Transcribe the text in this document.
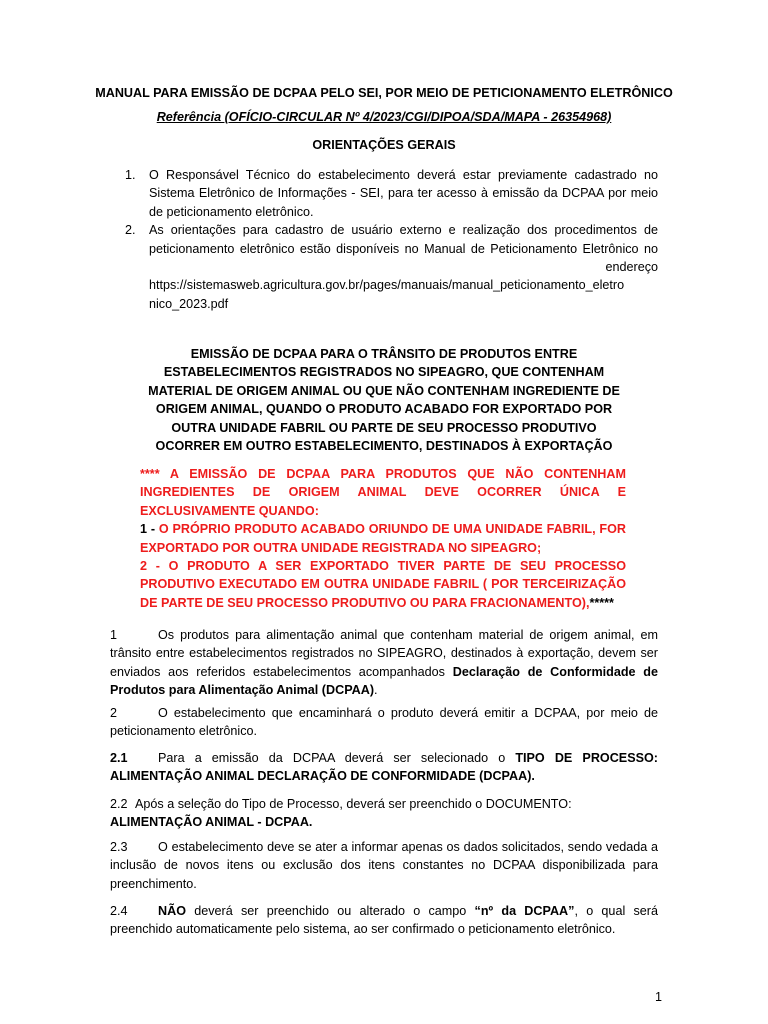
MANUAL PARA EMISSÃO DE DCPAA PELO SEI, POR MEIO DE PETICIONAMENTO ELETRÔNICO
Referência (OFÍCIO-CIRCULAR Nº 4/2023/CGI/DIPOA/SDA/MAPA - 26354968)
ORIENTAÇÕES GERAIS
1. O Responsável Técnico do estabelecimento deverá estar previamente cadastrado no Sistema Eletrônico de Informações - SEI, para ter acesso à emissão da DCPAA por meio de peticionamento eletrônico.
2. As orientações para cadastro de usuário externo e realização dos procedimentos de peticionamento eletrônico estão disponíveis no Manual de Peticionamento Eletrônico no
endereço
https://sistemasweb.agricultura.gov.br/pages/manuais/manual_peticionamento_eletro
nico_2023.pdf
EMISSÃO DE DCPAA PARA O TRÂNSITO DE PRODUTOS ENTRE ESTABELECIMENTOS REGISTRADOS NO SIPEAGRO, QUE CONTENHAM MATERIAL DE ORIGEM ANIMAL OU QUE NÃO CONTENHAM INGREDIENTE DE ORIGEM ANIMAL, QUANDO O PRODUTO ACABADO FOR EXPORTADO POR OUTRA UNIDADE FABRIL OU PARTE DE SEU PROCESSO PRODUTIVO OCORRER EM OUTRO ESTABELECIMENTO, DESTINADOS À EXPORTAÇÃO
**** A EMISSÃO DE DCPAA PARA PRODUTOS QUE NÃO CONTENHAM INGREDIENTES DE ORIGEM ANIMAL DEVE OCORRER ÚNICA E EXCLUSIVAMENTE QUANDO:
1 - O PRÓPRIO PRODUTO ACABADO ORIUNDO DE UMA UNIDADE FABRIL, FOR EXPORTADO POR OUTRA UNIDADE REGISTRADA NO SIPEAGRO;
2 - O PRODUTO A SER EXPORTADO TIVER PARTE DE SEU PROCESSO PRODUTIVO EXECUTADO EM OUTRA UNIDADE FABRIL ( POR TERCEIRIZAÇÃO DE PARTE DE SEU PROCESSO PRODUTIVO OU PARA FRACIONAMENTO),*****
1	Os produtos para alimentação animal que contenham material de origem animal, em trânsito entre estabelecimentos registrados no SIPEAGRO, destinados à exportação, devem ser enviados aos referidos estabelecimentos acompanhados Declaração de Conformidade de Produtos para Alimentação Animal (DCPAA).
2	O estabelecimento que encaminhará o produto deverá emitir a DCPAA, por meio de peticionamento eletrônico.
2.1 Para a emissão da DCPAA deverá ser selecionado o TIPO DE PROCESSO: ALIMENTAÇÃO ANIMAL DECLARAÇÃO DE CONFORMIDADE (DCPAA).
2.2 Após a seleção do Tipo de Processo, deverá ser preenchido o DOCUMENTO:
ALIMENTAÇÃO ANIMAL - DCPAA.
2.3 O estabelecimento deve se ater a informar apenas os dados solicitados, sendo vedada a inclusão de novos itens ou exclusão dos itens constantes no DCPAA disponibilizada para preenchimento.
2.4 NÃO deverá ser preenchido ou alterado o campo “nº da DCPAA”, o qual será preenchido automaticamente pelo sistema, ao ser confirmado o peticionamento eletrônico.
1
